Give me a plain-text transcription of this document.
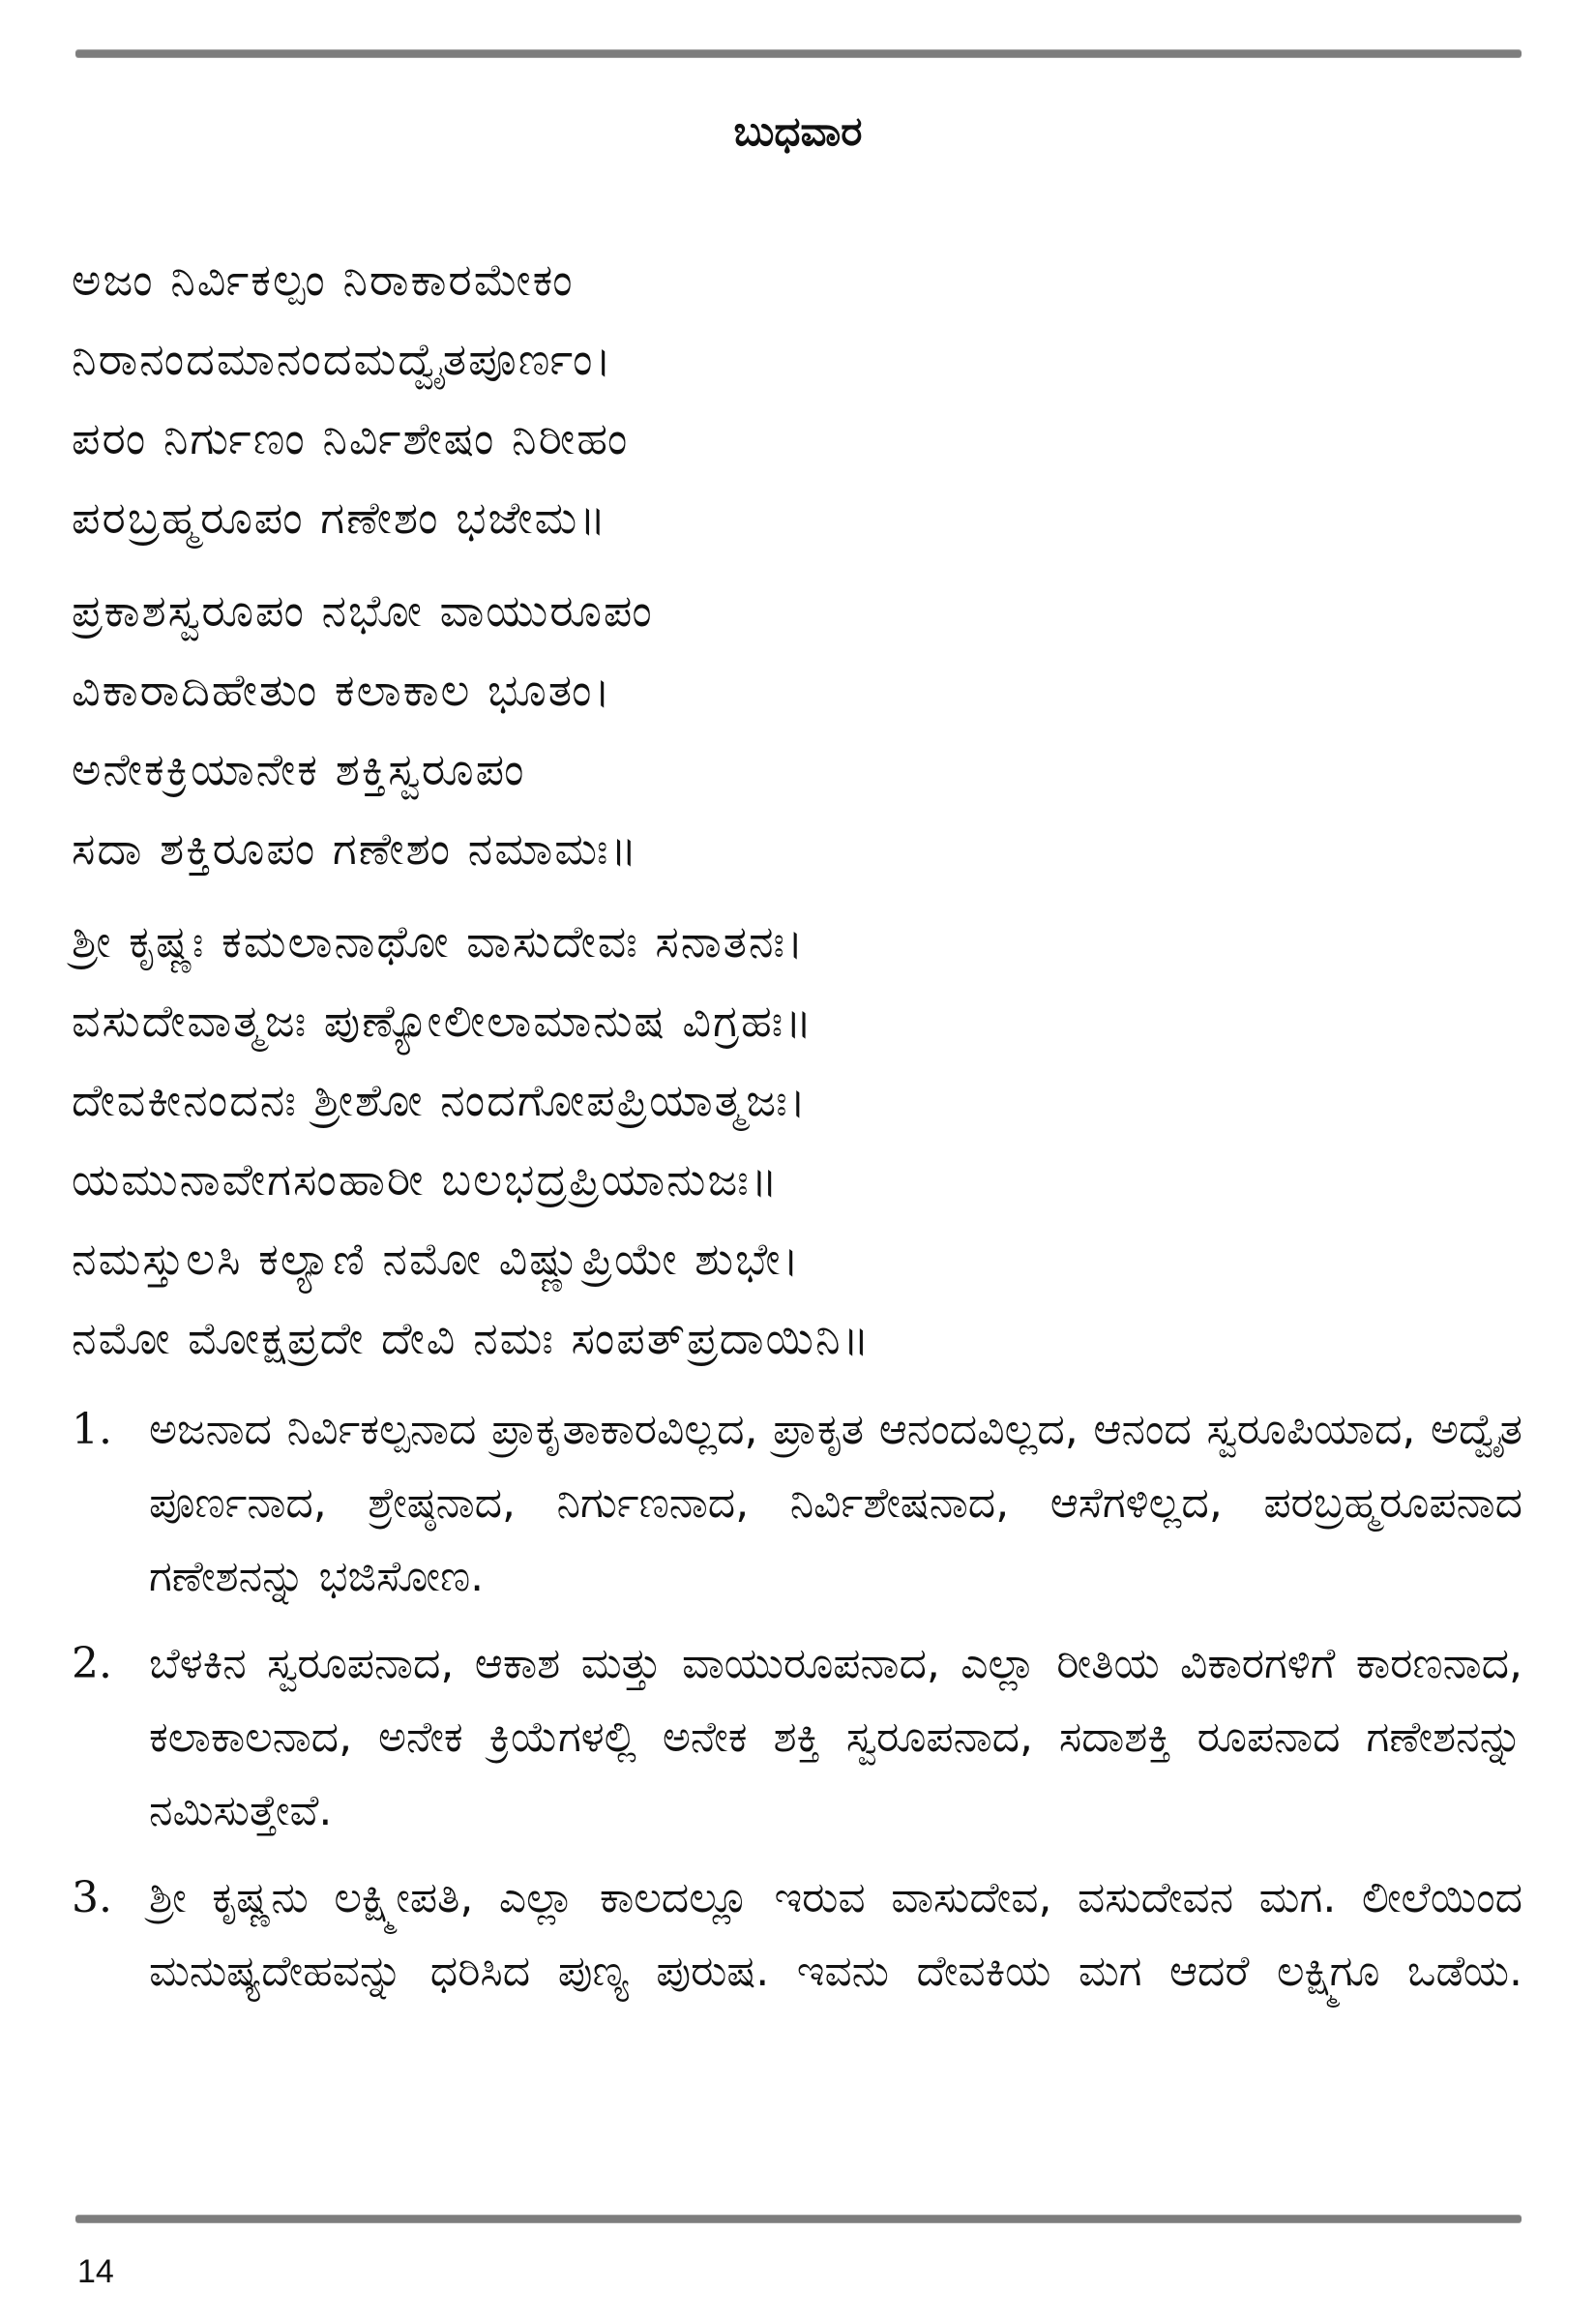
ಬುಧವಾರ
ಅಜಂ ನಿರ್ವಿಕಲ್ಪಂ ನಿರಾಕಾರಮೇಕಂ
ನಿರಾನಂದಮಾನಂದಮದ್ವೈತಪೂರ್ಣಂ।
ಪರಂ ನಿರ್ಗುಣಂ ನಿರ್ವಿಶೇಷಂ ನಿರೀಹಂ
ಪರಬ್ರಹ್ಮರೂಪಂ ಗಣೇಶಂ ಭಜೇಮ॥
ಪ್ರಕಾಶಸ್ವರೂಪಂ ನಭೋ ವಾಯುರೂಪಂ
ವಿಕಾರಾದಿಹೇತುಂ ಕಲಾಕಾಲ ಭೂತಂ।
ಅನೇಕಕ್ರಿಯಾನೇಕ ಶಕ್ತಿಸ್ವರೂಪಂ
ಸದಾ ಶಕ್ತಿರೂಪಂ ಗಣೇಶಂ ನಮಾಮಃ॥
ಶ್ರೀ ಕೃಷ್ಣಃ ಕಮಲಾನಾಥೋ ವಾಸುದೇವಃ ಸನಾತನಃ।
ವಸುದೇವಾತ್ಮಜಃ ಪುಣ್ಯೋಲೀಲಾಮಾನುಷ ವಿಗ್ರಹಃ॥
ದೇವಕೀನಂದನಃ ಶ್ರೀಶೋ ನಂದಗೋಪಪ್ರಿಯಾತ್ಮಜಃ।
ಯಮುನಾವೇಗಸಂಹಾರೀ ಬಲಭದ್ರಪ್ರಿಯಾನುಜಃ॥
ನಮಸ್ತುಲಸಿ ಕಲ್ಯಾಣಿ ನಮೋ ವಿಷ್ಣುಪ್ರಿಯೇ ಶುಭೇ।
ನಮೋ ಮೋಕ್ಷಪ್ರದೇ ದೇವಿ ನಮಃ ಸಂಪತ್‌ಪ್ರದಾಯಿನಿ॥
1. ಅಜನಾದ ನಿರ್ವಿಕಲ್ಪನಾದ ಪ್ರಾಕೃತಾಕಾರವಿಲ್ಲದ, ಪ್ರಾಕೃತ ಆನಂದವಿಲ್ಲದ, ಆನಂದ ಸ್ವರೂಪಿಯಾದ, ಅದ್ವೈತ ಪೂರ್ಣನಾದ, ಶ್ರೇಷ್ಠನಾದ, ನಿರ್ಗುಣನಾದ, ನಿರ್ವಿಶೇಷನಾದ, ಆಸೆಗಳಿಲ್ಲದ, ಪರಬ್ರಹ್ಮರೂಪನಾದ ಗಣೇಶನನ್ನು ಭಜಿಸೋಣ.
2. ಬೆಳಕಿನ ಸ್ವರೂಪನಾದ, ಆಕಾಶ ಮತ್ತು ವಾಯುರೂಪನಾದ, ಎಲ್ಲಾ ರೀತಿಯ ವಿಕಾರಗಳಿಗೆ ಕಾರಣನಾದ, ಕಲಾಕಾಲನಾದ, ಅನೇಕ ಕ್ರಿಯೆಗಳಲ್ಲಿ ಅನೇಕ ಶಕ್ತಿ ಸ್ವರೂಪನಾದ, ಸದಾಶಕ್ತಿ ರೂಪನಾದ ಗಣೇಶನನ್ನು ನಮಿಸುತ್ತೇವೆ.
3. ಶ್ರೀ ಕೃಷ್ಣನು ಲಕ್ಷ್ಮೀಪತಿ, ಎಲ್ಲಾ ಕಾಲದಲ್ಲೂ ಇರುವ ವಾಸುದೇವ, ವಸುದೇವನ ಮಗ. ಲೀಲೆಯಿಂದ ಮನುಷ್ಯದೇಹವನ್ನು ಧರಿಸಿದ ಪುಣ್ಯ ಪುರುಷ. ಇವನು ದೇವಕಿಯ ಮಗ ಆದರೆ ಲಕ್ಷ್ಮಿಗೂ ಒಡೆಯ.
14
